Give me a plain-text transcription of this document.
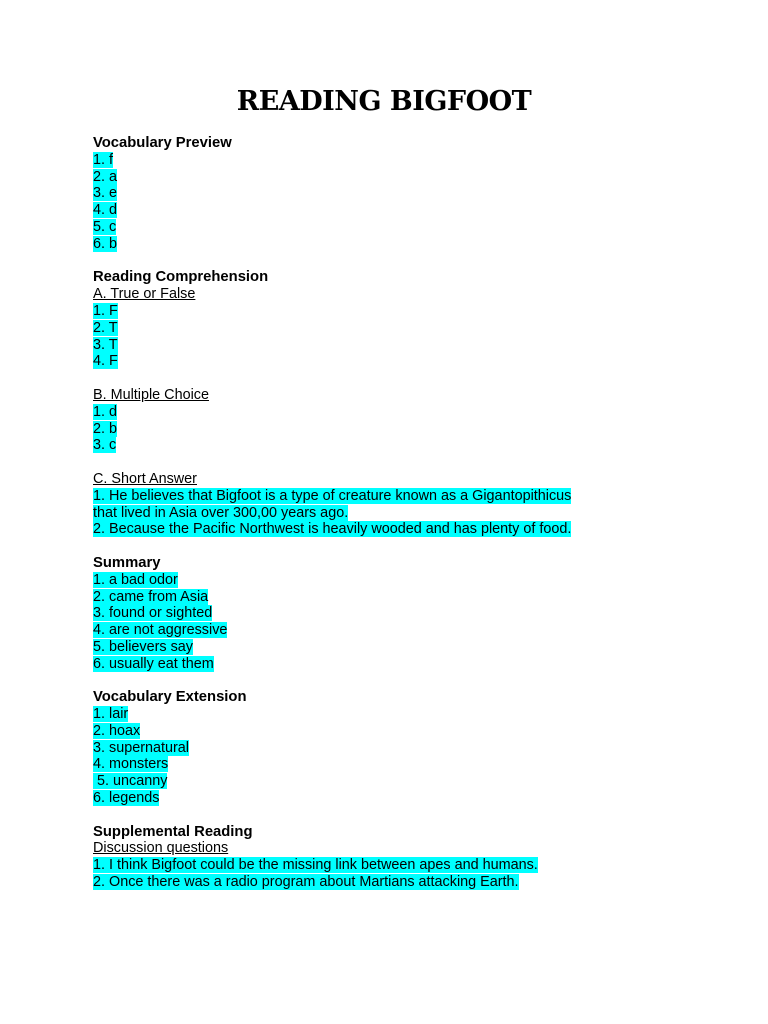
READING BIGFOOT
Vocabulary Preview
1. f
2. a
3. e
4. d
5. c
6. b
Reading Comprehension
A. True or False
1. F
2. T
3. T
4. F
B. Multiple Choice
1. d
2. b
3. c
C. Short Answer
1. He believes that Bigfoot is a type of creature known as a Gigantopithicus that lived in Asia over 300,00 years ago.
2. Because the Pacific Northwest is heavily wooded and has plenty of food.
Summary
1. a bad odor
2. came from Asia
3. found or sighted
4. are not aggressive
5. believers say
6. usually eat them
Vocabulary Extension
1. lair
2. hoax
3. supernatural
4. monsters
5. uncanny
6. legends
Supplemental Reading
Discussion questions
1. I think Bigfoot could be the missing link between apes and humans.
2. Once there was a radio program about Martians attacking Earth.
